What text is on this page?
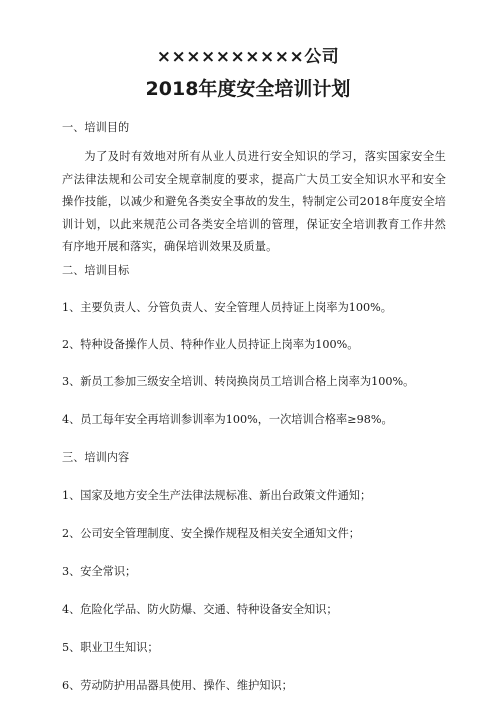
××××××××××公司
2018年度安全培训计划
一、培训目的
为了及时有效地对所有从业人员进行安全知识的学习，落实国家安全生产法律法规和公司安全规章制度的要求，提高广大员工安全知识水平和安全操作技能，以减少和避免各类安全事故的发生，特制定公司2018年度安全培训计划，以此来规范公司各类安全培训的管理，保证安全培训教育工作井然有序地开展和落实，确保培训效果及质量。
二、培训目标
1、主要负责人、分管负责人、安全管理人员持证上岗率为100%。
2、特种设备操作人员、特种作业人员持证上岗率为100%。
3、新员工参加三级安全培训、转岗换岗员工培训合格上岗率为100%。
4、员工每年安全再培训参训率为100%，一次培训合格率≥98%。
三、培训内容
1、国家及地方安全生产法律法规标准、新出台政策文件通知；
2、公司安全管理制度、安全操作规程及相关安全通知文件；
3、安全常识；
4、危险化学品、防火防爆、交通、特种设备安全知识；
5、职业卫生知识；
6、劳动防护用品器具使用、操作、维护知识；
